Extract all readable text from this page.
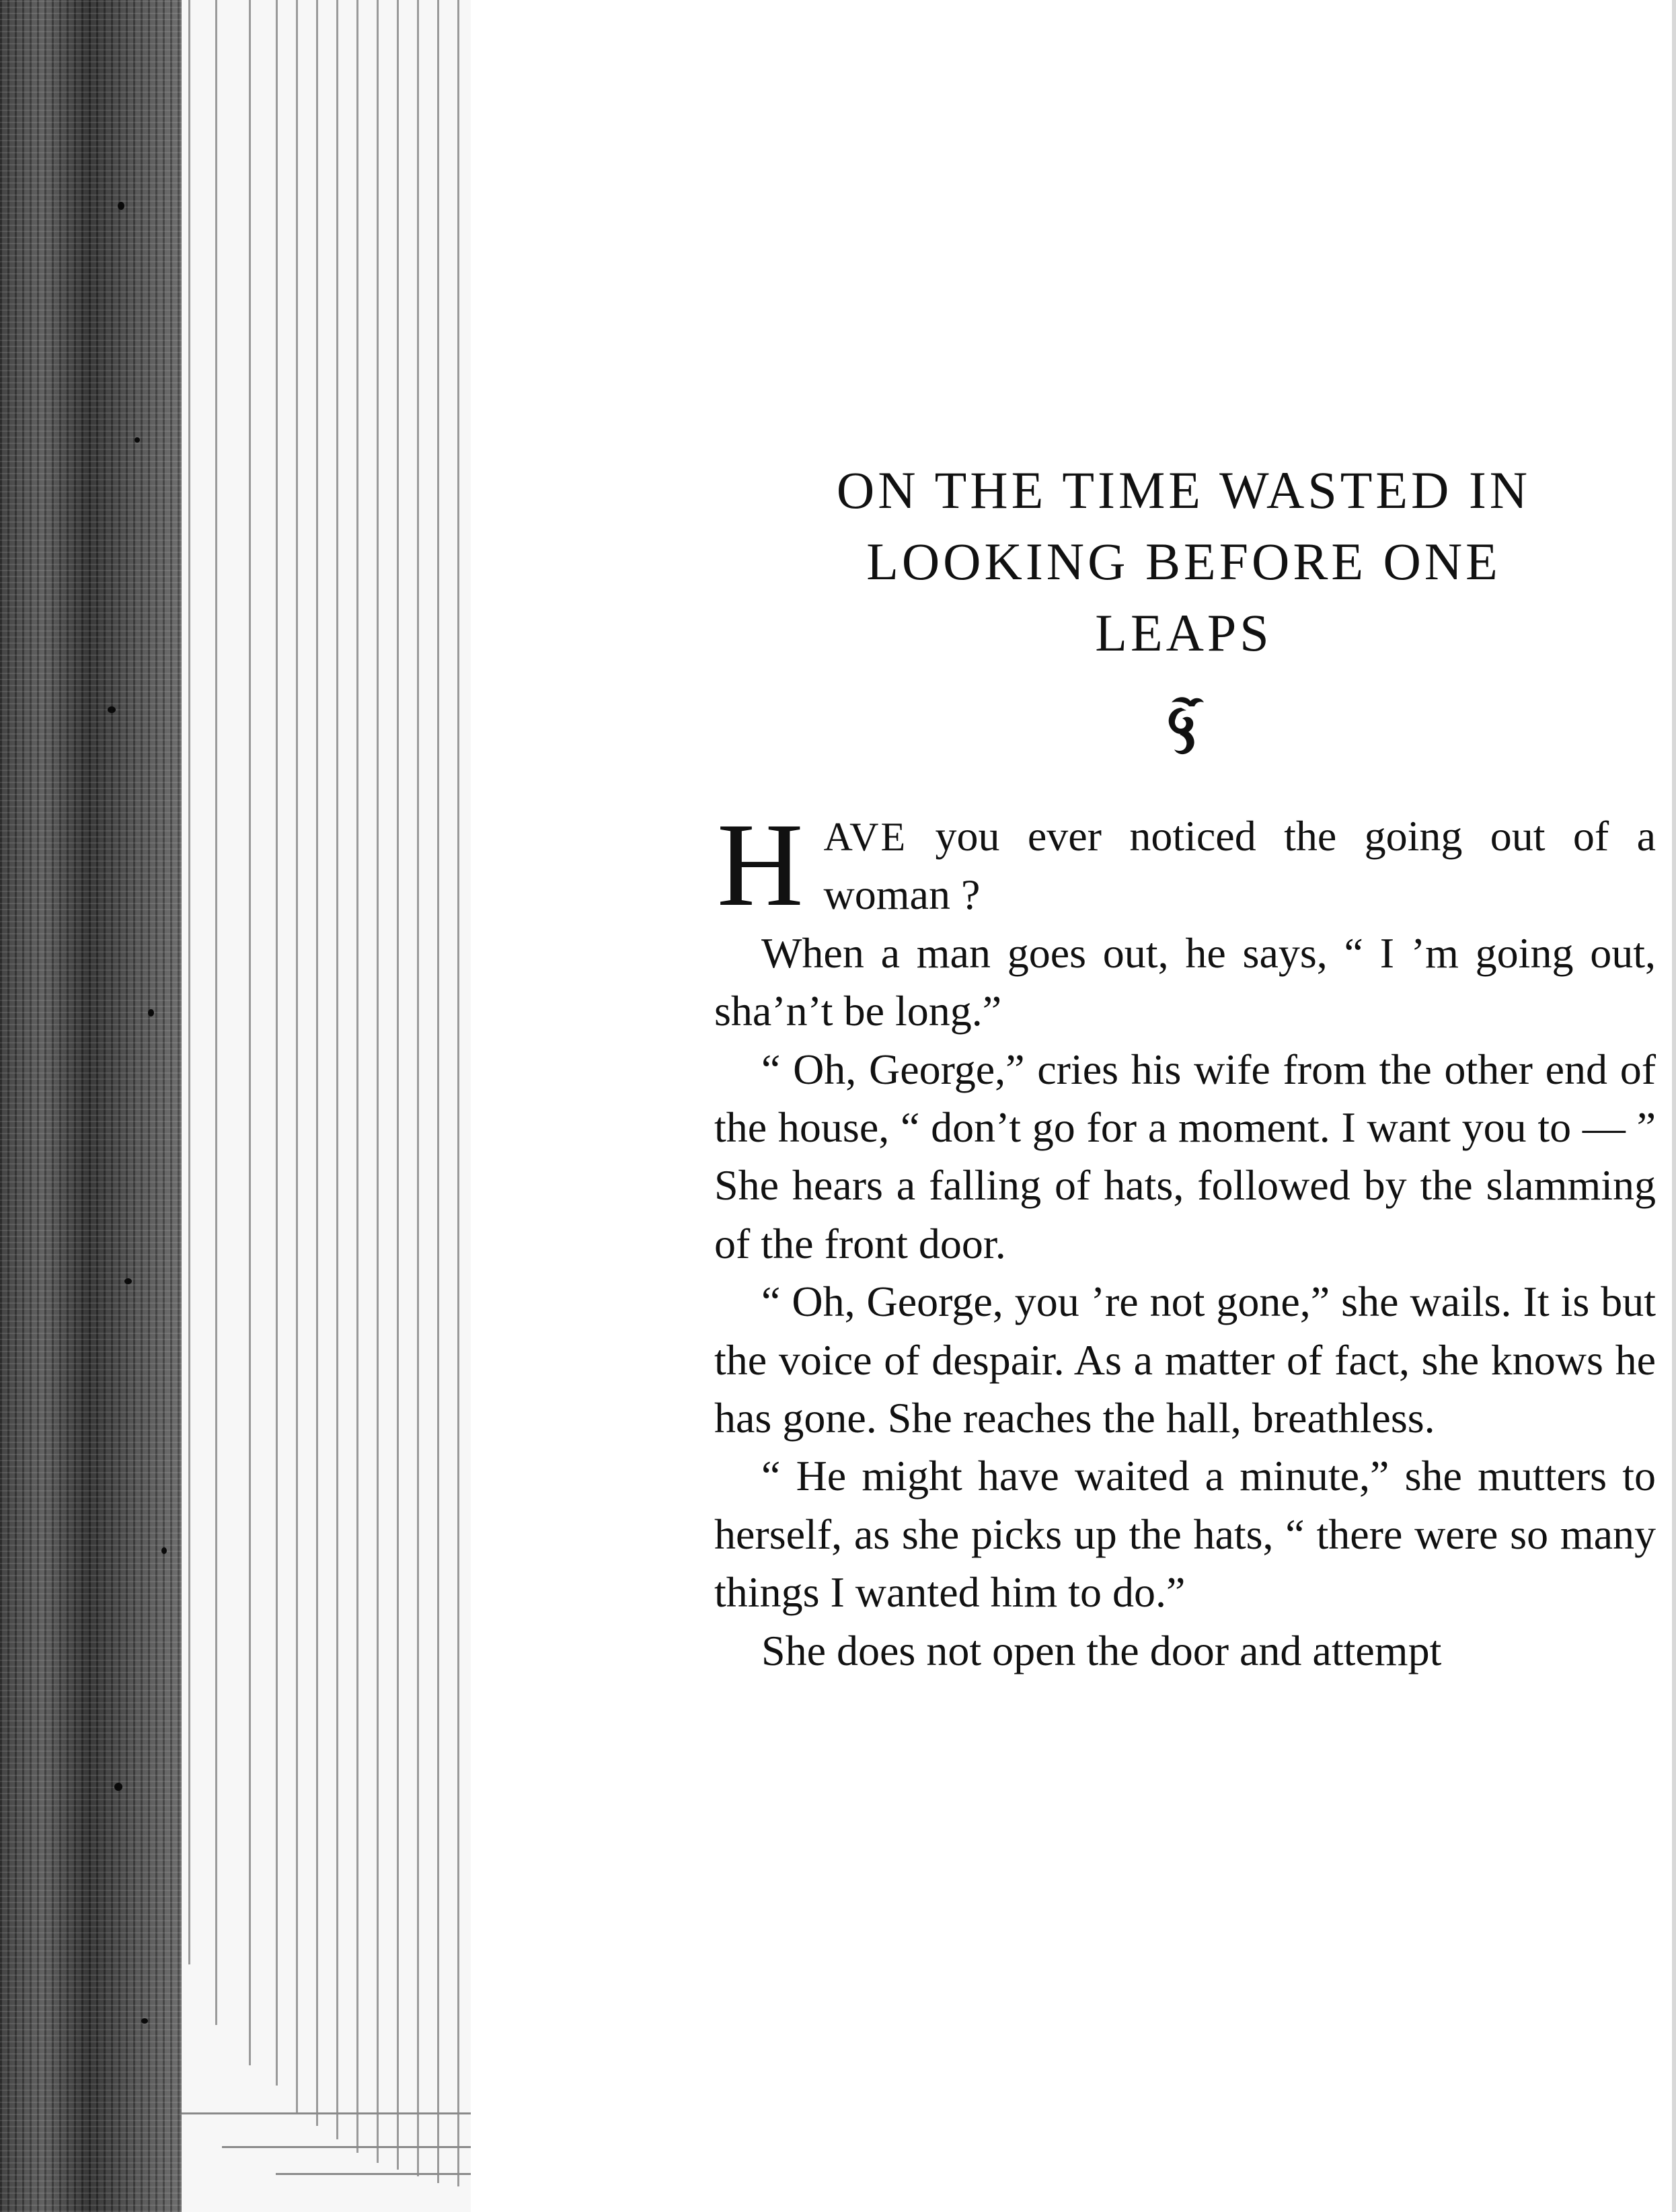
ON THE TIME WASTED IN
LOOKING BEFORE ONE
LEAPS

HAVE you ever noticed the going out of a woman ?

When a man goes out, he says, “ I ’m going out, sha’n’t be long.”

“ Oh, George,” cries his wife from the other end of the house, “ don’t go for a moment. I want you to — ” She hears a falling of hats, followed by the slamming of the front door.

“ Oh, George, you ’re not gone,” she wails. It is but the voice of despair. As a matter of fact, she knows he has gone. She reaches the hall, breathless.

“ He might have waited a minute,” she mutters to herself, as she picks up the hats, “ there were so many things I wanted him to do.”

She does not open the door and attempt
